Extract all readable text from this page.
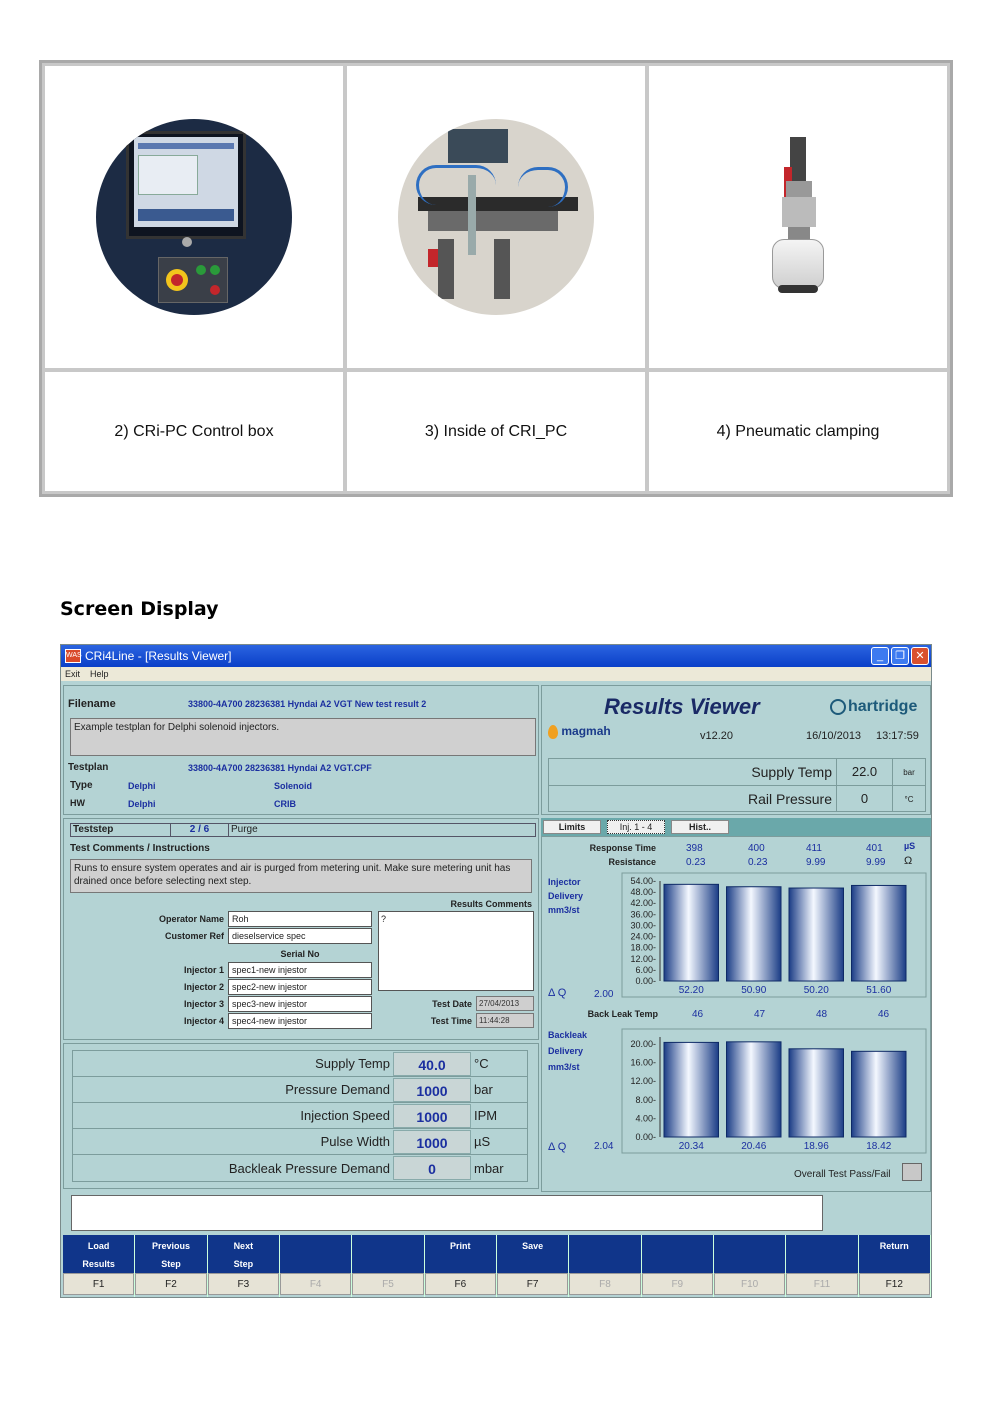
2) CRi-PC Control box	3) Inside of CRI_PC	4) Pneumatic clamping
Screen Display
WAS CRi4Line - [Results Viewer]	_	❐ ✕
Exit Help
Filename	33800-4A700 28236381 Hyndai A2 VGT New test result 2
Example testplan for Delphi solenoid injectors.
Testplan	33800-4A700 28236381 Hyndai A2 VGT.CPF
Type	Delphi	Solenoid
HW	Delphi	CRIB
Teststep	2 / 6	Purge
Test Comments / Instructions
Runs to ensure system operates and air is purged from metering unit. Make sure metering unit has drained once before selecting next step.
Results Comments
?
Operator Name Roh
Customer Ref dieselservice spec
Serial No
Injector 1 spec1-new injestor
Injector 2 spec2-new injestor
Injector 3 spec3-new injestor
Injector 4 spec4-new injestor
Test Date 27/04/2013
Test Time 11:44:28
Supply Temp	40.0	°C
Pressure Demand	1000	bar
Injection Speed	1000	IPM
Pulse Width	1000	µS
Backleak Pressure Demand	0	mbar
Results Viewer	hartridge
magmah	v12.20	16/10/2013 13:17:59
Supply Temp	22.0	bar
Rail Pressure	0	°C
Limits	Inj. 1 - 4	Hist..
Response Time	398	400	411	401 µS
Resistance	0.23	0.23	9.99	9.99 Ω
Injector
Delivery
mm3/st
Δ Q	2.00
54.00-
48.00-
42.00-
36.00-
30.00-
24.00-
18.00-
12.00-
6.00-
0.00-
52.20	50.90	50.20	51.60
Back Leak Temp	46	47	48	46
Backleak
Delivery
mm3/st
Δ Q	2.04
20.00-
16.00-
12.00-
8.00-
4.00-
0.00-
20.34	20.46	18.96	18.42
Overall Test Pass/Fail
Load
Results
F1
Previous
Step
F2
Next
Step
F3	F4	F5
Print
F6
Save
F7	F8	F9	F10	F11
Return
F12
